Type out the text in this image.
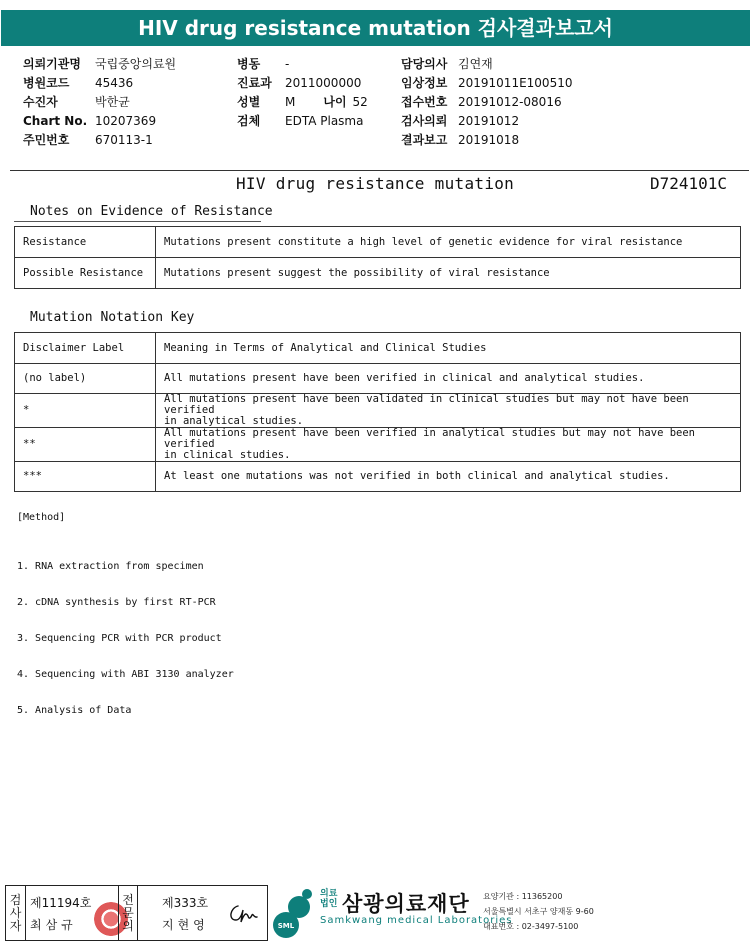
HIV drug resistance mutation 검사결과보고서
의뢰기관명	국립중앙의료원
병원코드	45436
수진자	박한균
Chart No. 10207369
주민번호	670113-1
병동	-
진료과	2011000000
성별	M 나이 52
검체	EDTA Plasma
담당의사 김연재
임상정보 20191011E100510
접수번호 20191012-08016
검사의뢰 20191012
결과보고 20191018
HIV drug resistance mutation	D724101C
Notes on Evidence of Resistance
Resistance	Mutations present constitute a high level of genetic evidence for viral resistance
Possible Resistance	Mutations present suggest the possibility of viral resistance
Mutation Notation Key
Disclaimer Label	Meaning in Terms of Analytical and Clinical Studies
(no label)	All mutations present have been verified in clinical and analytical studies.
*	All mutations present have been validated in clinical studies but may not have been verified
in analytical studies.
**	All mutations present have been verified in analytical studies but may not have been verified
in clinical studies.
***	At least one mutations was not verified in both clinical and analytical studies.
[Method]

1. RNA extraction from specimen

2. cDNA synthesis by first RT-PCR

3. Sequencing PCR with PCR product

4. Sequencing with ABI 3130 analyzer

5. Analysis of Data

검
사
자
제11194호
최삼규
전
문
의
제333호
지현영	SML
의료
법인 삼광의료재단
Samkwang medical Laboratories
요양기관 : 11365200
서울특별시 서초구 양재동 9-60
대표번호 : 02-3497-5100
